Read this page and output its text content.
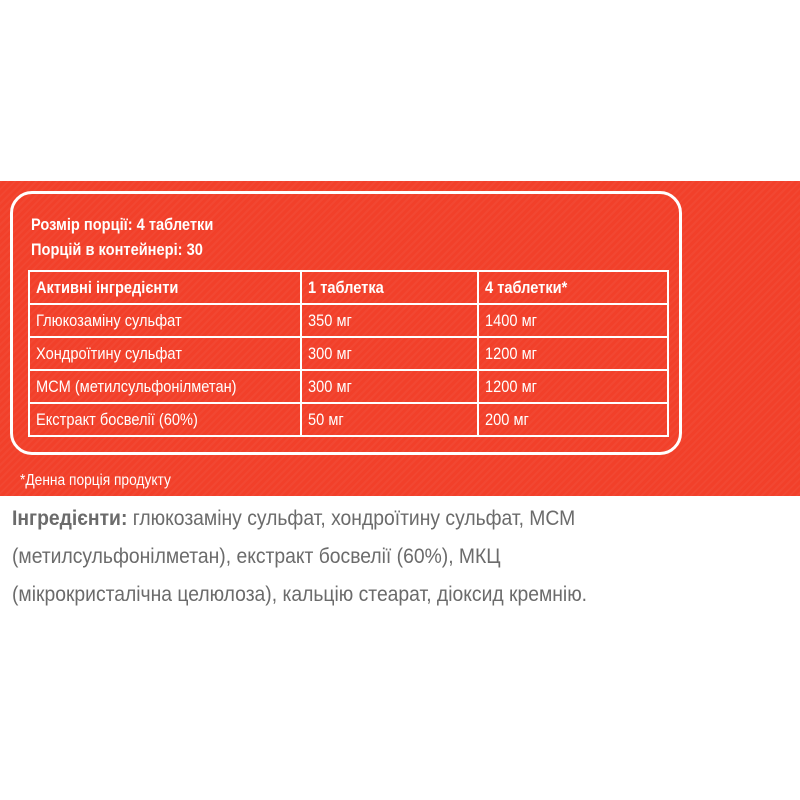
Розмір порції: 4 таблетки
Порцій в контейнері: 30
Активні інгредієнти	1 таблетка	4 таблетки*
Глюкозаміну сульфат	350 мг	1400 мг
Хондроїтину сульфат	300 мг	1200 мг
МСМ (метилсульфонілметан)	300 мг	1200 мг
Екстракт босвелії (60%)	50 мг	200 мг
*Денна порція продукту
Інгредієнти: глюкозаміну сульфат, хондроїтину сульфат, МСМ
(метилсульфонілметан), екстракт босвелії (60%), МКЦ
(мікрокристалічна целюлоза), кальцію стеарат, діоксид кремнію.
